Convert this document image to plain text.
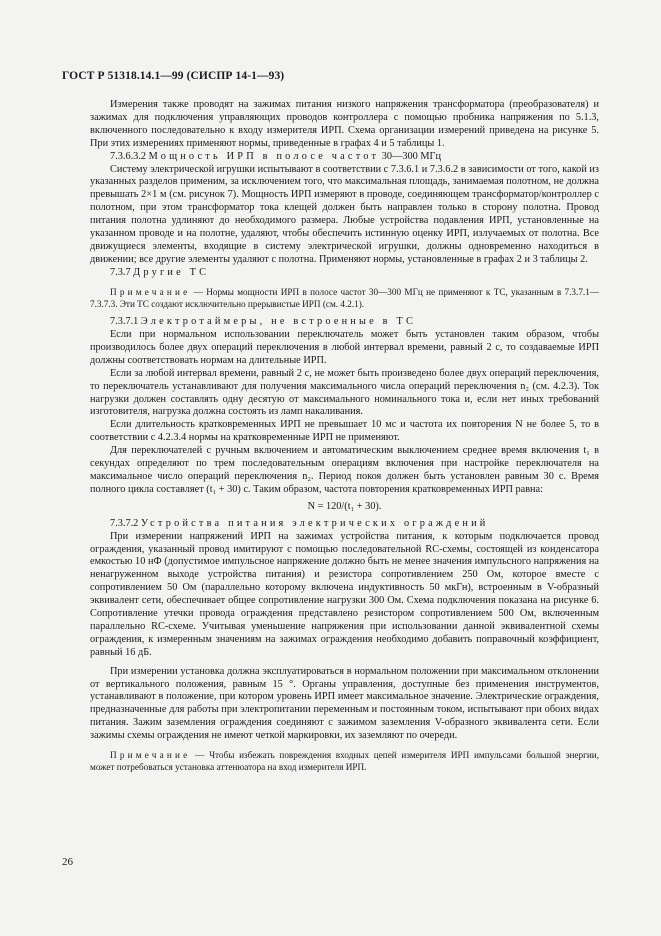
ГОСТ Р 51318.14.1—99 (СИСПР 14-1—93)

Измерения также проводят на зажимах питания низкого напряжения трансформатора (преобразователя) и зажимах для подключения управляющих проводов контроллера с помощью пробника напряжения по 5.1.3, включенного последовательно к входу измерителя ИРП. Схема организации измерений приведена на рисунке 5. При этих измерениях применяют нормы, приведенные в графах 4 и 5 таблицы 1.

7.3.6.3.2 Мощность ИРП в полосе частот 30—300 МГц

Систему электрической игрушки испытывают в соответствии с 7.3.6.1 и 7.3.6.2 в зависимости от того, какой из указанных разделов применим, за исключением того, что максимальная площадь, занимаемая полотном, не должна превышать 2×1 м (см. рисунок 7). Мощность ИРП измеряют в проводе, соединяющем трансформатор/контроллер с полотном, при этом трансформатор тока клещей должен быть направлен только в сторону полотна. Провод питания полотна удлиняют до необходимого размера. Любые устройства подавления ИРП, установленные на указанном проводе и на полотне, удаляют, чтобы обеспечить истинную оценку ИРП, излучаемых от полотна. Все движущиеся элементы, входящие в систему электрической игрушки, должны одновременно находиться в движении; все другие элементы удаляют с полотна. Применяют нормы, установленные в графах 2 и 3 таблицы 2.

7.3.7 Другие ТС

Примечание — Нормы мощности ИРП в полосе частот 30—300 МГц не применяют к ТС, указанным в 7.3.7.1—7.3.7.3. Эти ТС создают исключительно прерывистые ИРП (см. 4.2.1).

7.3.7.1 Электротаймеры, не встроенные в ТС

Если при нормальном использовании переключатель может быть установлен таким образом, чтобы производилось более двух операций переключения в любой интервал времени, равный 2 с, то создаваемые ИРП должны соответствовать нормам на длительные ИРП.

Если за любой интервал времени, равный 2 с, не может быть произведено более двух операций переключения, то переключатель устанавливают для получения максимального числа операций переключения n₂ (см. 4.2.3). Ток нагрузки должен составлять одну десятую от максимального номинального тока и, если нет иных требований изготовителя, нагрузка должна состоять из ламп накаливания.

Если длительность кратковременных ИРП не превышает 10 мс и частота их повторения N не более 5, то в соответствии с 4.2.3.4 нормы на кратковременные ИРП не применяют.

Для переключателей с ручным включением и автоматическим выключением среднее время включения t₁ в секундах определяют по трем последовательным операциям включения при настройке переключателя на максимальное число операций переключения n₂. Период покоя должен быть установлен равным 30 с. Время полного цикла составляет (t₁ + 30) с. Таким образом, частота повторения кратковременных ИРП равна:

N = 120/(t₁ + 30).

7.3.7.2 Устройства питания электрических ограждений

При измерении напряжений ИРП на зажимах устройства питания, к которым подключается провод ограждения, указанный провод имитируют с помощью последовательной RC-схемы, состоящей из конденсатора емкостью 10 нФ (допустимое импульсное напряжение должно быть не менее значения импульсного напряжения на ненагруженном выходе устройства питания) и резистора сопротивлением 250 Ом, которое вместе с сопротивлением 50 Ом (параллельно которому включена индуктивность 50 мкГн), встроенным в V-образный эквивалент сети, обеспечивает общее сопротивление нагрузки 300 Ом. Схема подключения показана на рисунке 6. Сопротивление утечки провода ограждения представлено резистором сопротивлением 500 Ом, включенным параллельно RC-схеме. Учитывая уменьшение напряжения при использовании данной эквивалентной схемы ограждения, к измеренным значениям на зажимах ограждения необходимо добавить поправочный коэффициент, равный 16 дБ.

При измерении установка должна эксплуатироваться в нормальном положении при максимальном отклонении от вертикального положения, равным 15 °. Органы управления, доступные без применения инструментов, устанавливают в положение, при котором уровень ИРП имеет максимальное значение. Электрические ограждения, предназначенные для работы при электропитании переменным и постоянным током, испытывают при обоих видах питания. Зажим заземления ограждения соединяют с зажимом заземления V-образного эквивалента сети. Если зажимы схемы ограждения не имеют четкой маркировки, их заземляют по очереди.

Примечание — Чтобы избежать повреждения входных цепей измерителя ИРП импульсами большой энергии, может потребоваться установка аттенюатора на вход измерителя ИРП.

26
